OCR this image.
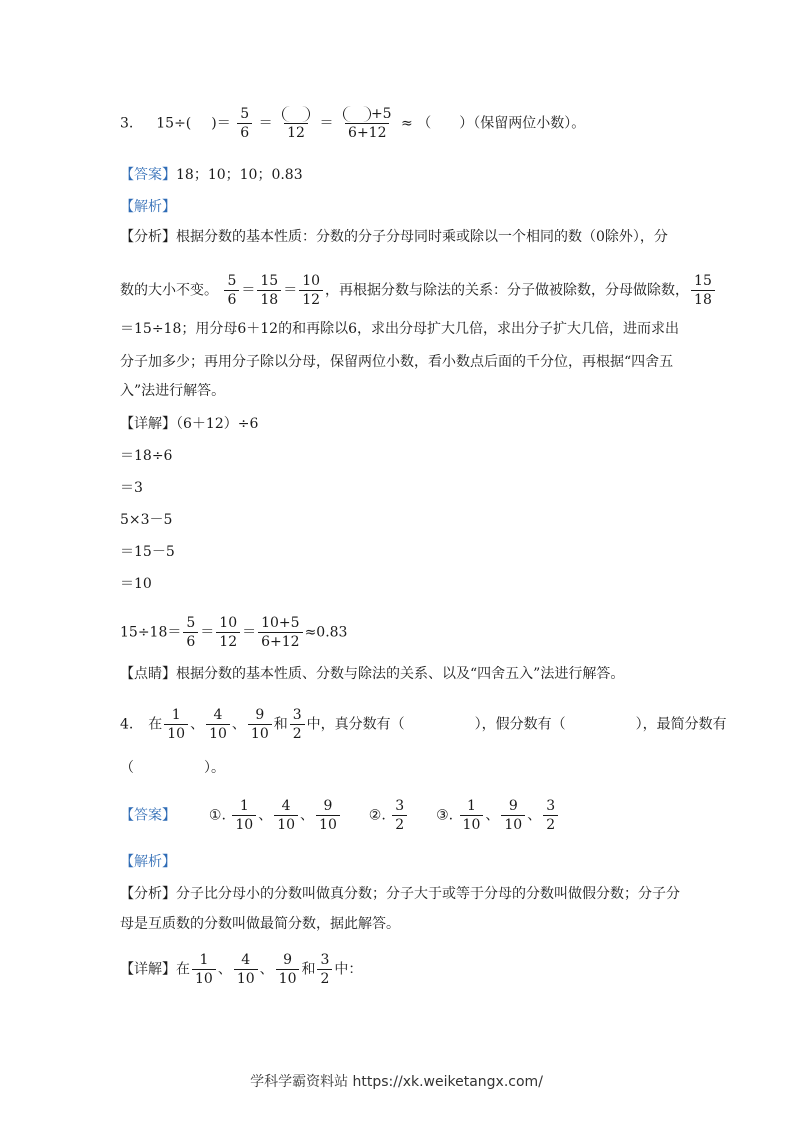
3. 15÷( )＝ $\frac{5}{6}$ ＝
12
＝ $\frac{+5}{6+12}$ ≈ （　　）（保留两位小数）。
【答案】18；10；10；0.83
【解析】
【分析】根据分数的基本性质：分数的分子分母同时乘或除以一个相同的数（0除外），分
数的大小不变。 $\frac{5}{6} = \frac{15}{18} = \frac{10}{12}$ ，再根据分数与除法的关系：分子做被除数，分母做除数， $\frac{15}{18}$
＝15÷18；用分母6＋12的和再除以6，求出分母扩大几倍，求出分子扩大几倍，进而求出
分子加多少；再用分子除以分母，保留两位小数，看小数点后面的千分位，再根据“四舍五
入”法进行解答。
【详解】（6＋12）÷6
＝18÷6
＝3
5×3－5
＝15－5
＝10
$15\div 18= \frac{5}{6} = \frac{10}{12} = \frac{10+5}{6+12} \approx 0.83$
【点睛】根据分数的基本性质、分数与除法的关系、以及“四舍五入”法进行解答。
4. 在 $\frac{1}{10}$ 、 $\frac{4}{10}$ 、 $\frac{9}{10}$ 和 $\frac{3}{2}$ 中，真分数有（　　　　　），假分数有（　　　　　），最简分数有
（　　　　　）。
【答案】 ①. $\frac{1}{10}$ 、 $\frac{4}{10}$ 、 $\frac{9}{10}$ ②. $\frac{3}{2}$ ③. $\frac{1}{10}$ 、 $\frac{9}{10}$ 、 $\frac{3}{2}$
【解析】
【分析】分子比分母小的分数叫做真分数；分子大于或等于分母的分数叫做假分数；分子分
母是互质数的分数叫做最简分数，据此解答。
【详解】在 $\frac{1}{10}$ 、 $\frac{4}{10}$ 、 $\frac{9}{10}$ 和 $\frac{3}{2}$ 中：
学科学霸资料站 https://xk.weiketangx.com/
